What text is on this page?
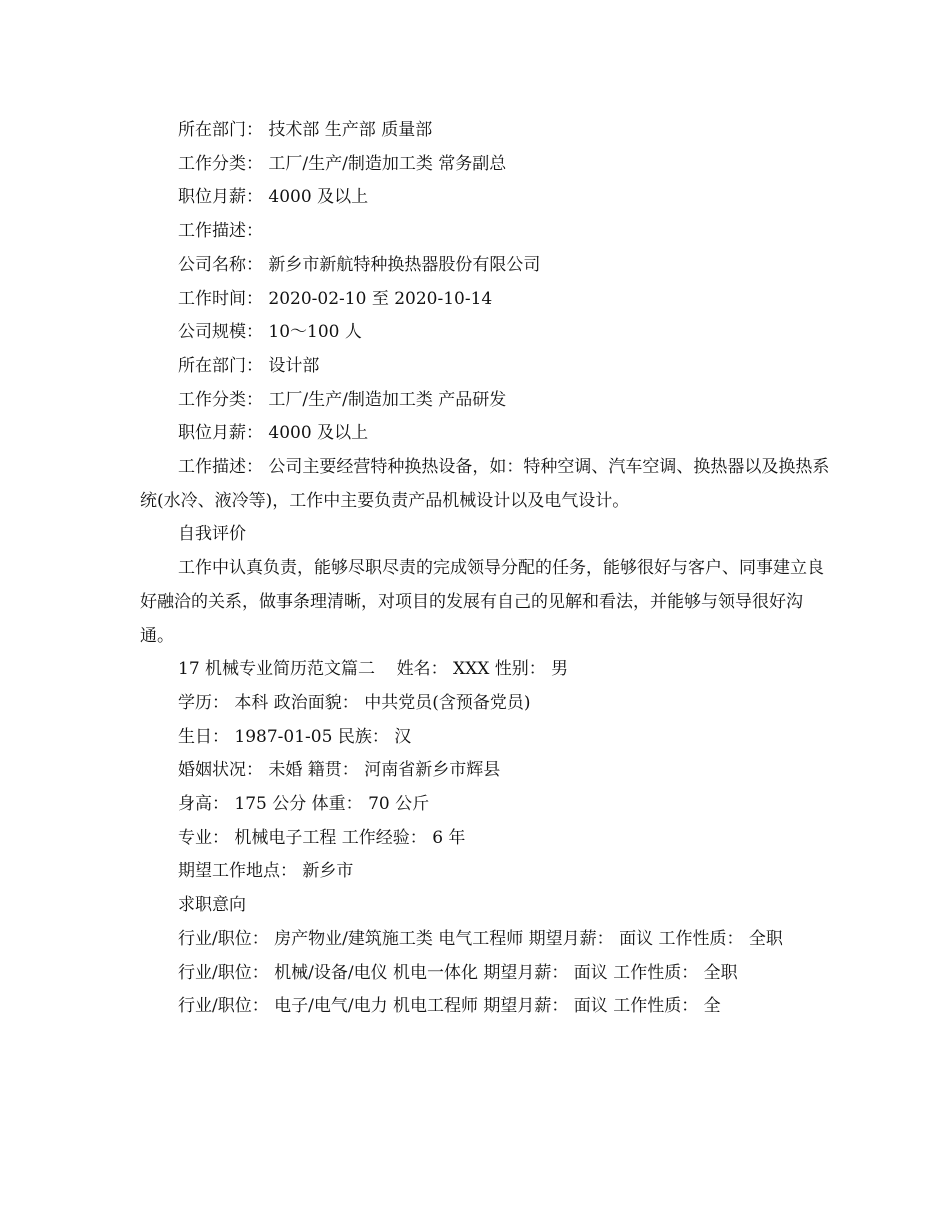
所在部门： 技术部 生产部 质量部

工作分类： 工厂/生产/制造加工类 常务副总

职位月薪： 4000 及以上

工作描述：

公司名称： 新乡市新航特种换热器股份有限公司

工作时间： 2020-02-10 至 2020-10-14

公司规模： 10～100 人

所在部门： 设计部

工作分类： 工厂/生产/制造加工类 产品研发

职位月薪： 4000 及以上

工作描述： 公司主要经营特种换热设备，如：特种空调、汽车空调、换热器以及换热系统(水冷、液冷等)，工作中主要负责产品机械设计以及电气设计。

自我评价

工作中认真负责，能够尽职尽责的完成领导分配的任务，能够很好与客户、同事建立良好融洽的关系，做事条理清晰，对项目的发展有自己的见解和看法，并能够与领导很好沟通。

17 机械专业简历范文篇二    姓名： XXX 性别： 男

学历： 本科 政治面貌： 中共党员(含预备党员)

生日： 1987-01-05 民族： 汉

婚姻状况： 未婚 籍贯： 河南省新乡市辉县

身高： 175 公分 体重： 70 公斤

专业： 机械电子工程 工作经验： 6 年

期望工作地点： 新乡市

求职意向

行业/职位： 房产物业/建筑施工类 电气工程师 期望月薪： 面议 工作性质： 全职

行业/职位： 机械/设备/电仪 机电一体化 期望月薪： 面议 工作性质： 全职

行业/职位： 电子/电气/电力 机电工程师 期望月薪： 面议 工作性质： 全
